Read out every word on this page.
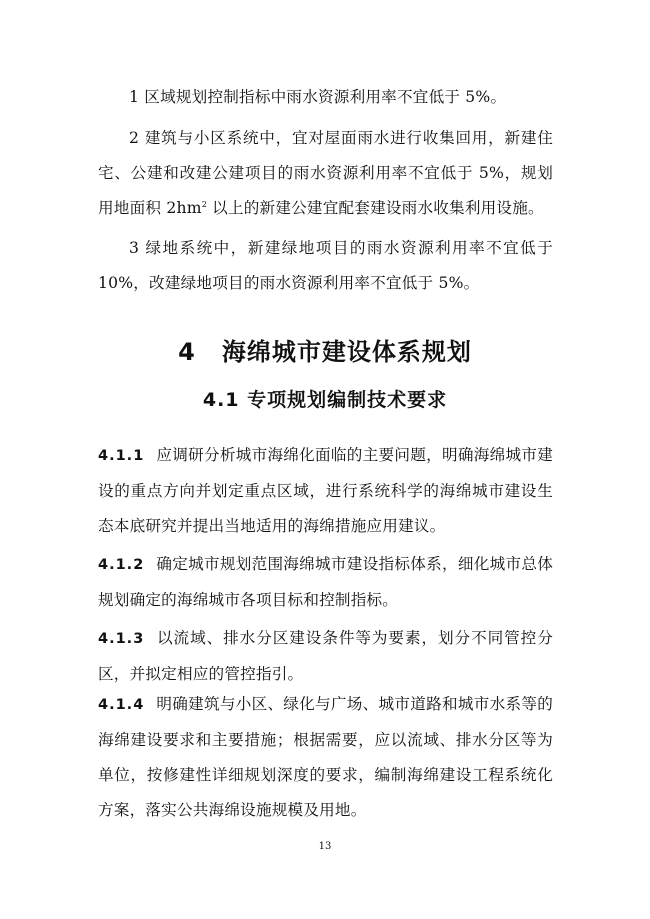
1 区域规划控制指标中雨水资源利用率不宜低于 5%。

2 建筑与小区系统中，宜对屋面雨水进行收集回用，新建住宅、公建和改建公建项目的雨水资源利用率不宜低于 5%，规划用地面积 $2hm^2$ 以上的新建公建宜配套建设雨水收集利用设施。

3 绿地系统中，新建绿地项目的雨水资源利用率不宜低于 10%，改建绿地项目的雨水资源利用率不宜低于 5%。

4 海绵城市建设体系规划
4.1 专项规划编制技术要求

4.1.1 应调研分析城市海绵化面临的主要问题，明确海绵城市建设的重点方向并划定重点区域，进行系统科学的海绵城市建设生态本底研究并提出当地适用的海绵措施应用建议。

4.1.2 确定城市规划范围海绵城市建设指标体系，细化城市总体规划确定的海绵城市各项目标和控制指标。

4.1.3 以流域、排水分区建设条件等为要素，划分不同管控分区，并拟定相应的管控指引。

4.1.4 明确建筑与小区、绿化与广场、城市道路和城市水系等的海绵建设要求和主要措施；根据需要，应以流域、排水分区等为单位，按修建性详细规划深度的要求，编制海绵建设工程系统化方案，落实公共海绵设施规模及用地。

13
